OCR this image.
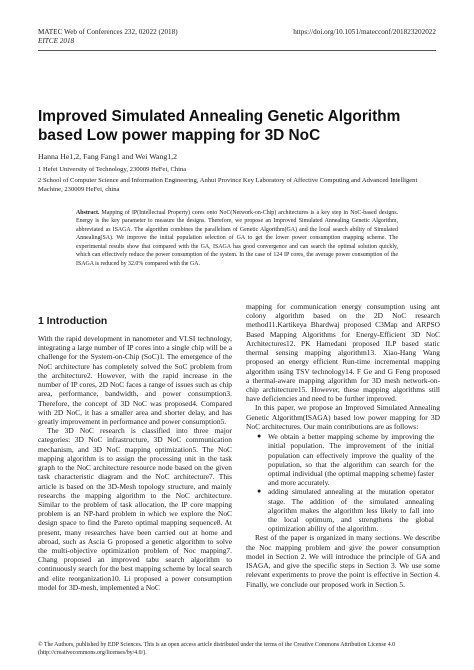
MATEC Web of Conferences 232, 02022 (2018)	https://doi.org/10.1051/matecconf/201823202022
EITCE 2018
Improved Simulated Annealing Genetic Algorithm based Low power mapping for 3D NoC
Hanna He1,2, Fang Fang1 and Wei Wang1,2
1 Hefei University of Technology, 230009 HeFei, China
2 School of Computer Science and Information Engineering, Anhui Province Key Laboratory of Affective Computing and Advanced Intelligent Machine, 230009 HeFei, china
Abstract. Mapping of IP(Intellectual Property) cores onto NoC(Network-on-Chip) architectures is a key step in NoC-based designs. Energy is the key parameter to measure the designs. Therefore, we propose an Improved Simulated Annealing Genetic Algorithm, abbreviated as ISAGA. The algorithm combines the parallelism of Genetic Algorithm(GA) and the local search ability of Simulated Annealing(SA). We improve the initial population selection of GA to get the lower power consumption mapping scheme. The experimental results show that compared with the GA, ISAGA has good convergence and can search the optimal solution quickly, which can effectively reduce the power consumption of the system. In the case of 124 IP cores, the average power consumption of the ISAGA is reduced by 32.0% compared with the GA.
1 Introduction

With the rapid development in nanometer and VLSI technology, integrating a large number of IP cores into a single chip will be a challenge for the System-on-Chip (SoC)1. The emergence of the NoC architecture has completely solved the SoC problem from the architecture2. However, with the rapid increase in the number of IP cores, 2D NoC faces a range of issues such as chip area, performance, bandwidth, and power consumption3. Therefore, the concept of 3D NoC was proposed4. Compared with 2D NoC, it has a smaller area and shorter delay, and has greatly improvement in performance and power consumption5.

The 3D NoC research is classified into three major categories: 3D NoC infrastructure, 3D NoC communication mechanism, and 3D NoC mapping optimization5. The NoC mapping algorithm is to assign the processing unit in the task graph to the NoC architecture resource node based on the given task characteristic diagram and the NoC architecture7. This article is based on the 3D-Mesh topology structure, and mainly researchs the mapping algorithm to the NoC architecture. Similar to the problem of task allocation, the IP core mapping problem is an NP-hard problem in which we explore the NoC design space to find the Pareto optimal mapping sequence8. At present, many researches have been carried out at home and abroad, such as Ascia G proposed a genetic algorithm to solve the multi-objective optimization problem of Noc mapping7. Chang proposed an improved tabu search algorithm to continuously search for the best mapping scheme by local search and elite reorganization10. Li proposed a power consumption model for 3D-mesh, implemented a NoC

mapping for communication energy consumption using ant colony algorithm based on the 2D NoC research method11.Kartikeya Bhardwaj proposed C3Map and ARPSO Based Mapping Algorithms for Energy-Efficient 3D NoC Architectures12. PK Hamedani proposed ILP based static thermal sensing mapping algorithm13. Xiao-Hang Wang proposed an energy efficient Run-time incremental mapping algorithm using TSV technology14. F Ge and G Feng proposed a thermal-aware mapping algorithm for 3D mesh network-on-chip architecture15. However, these mapping algorithms still have deficiencies and need to be further improved.

In this paper, we propose an Improved Simulated Annealing Genetic Algorithm(ISAGA) based low power mapping for 3D NoC architectures. Our main contributions are as follows:

● We obtain a better mapping scheme by improving the initial population. The improvement of the initial population can effectively improve the quality of the population, so that the algorithm can search for the optimal individual (the optimal mapping scheme) faster and more accurately.
● adding simulated annealing at the mutation operator stage. The addition of the simulated annealing algorithm makes the algorithm less likely to fall into the local optimum, and strengthens the global optimization ability of the algorithm.

Rest of the paper is organized in many sections. We describe the Noc mapping problem and give the power consumption model in Section 2. We will introduce the principle of GA and ISAGA, and give the specific steps in Section 3. We use some relevant experiments to prove the point is effective in Section 4. Finally, we conclude our proposed work in Section 5.

© The Authors, published by EDP Sciences. This is an open access article distributed under the terms of the Creative Commons Attribution License 4.0
(http://creativecommons.org/licenses/by/4.0/).
